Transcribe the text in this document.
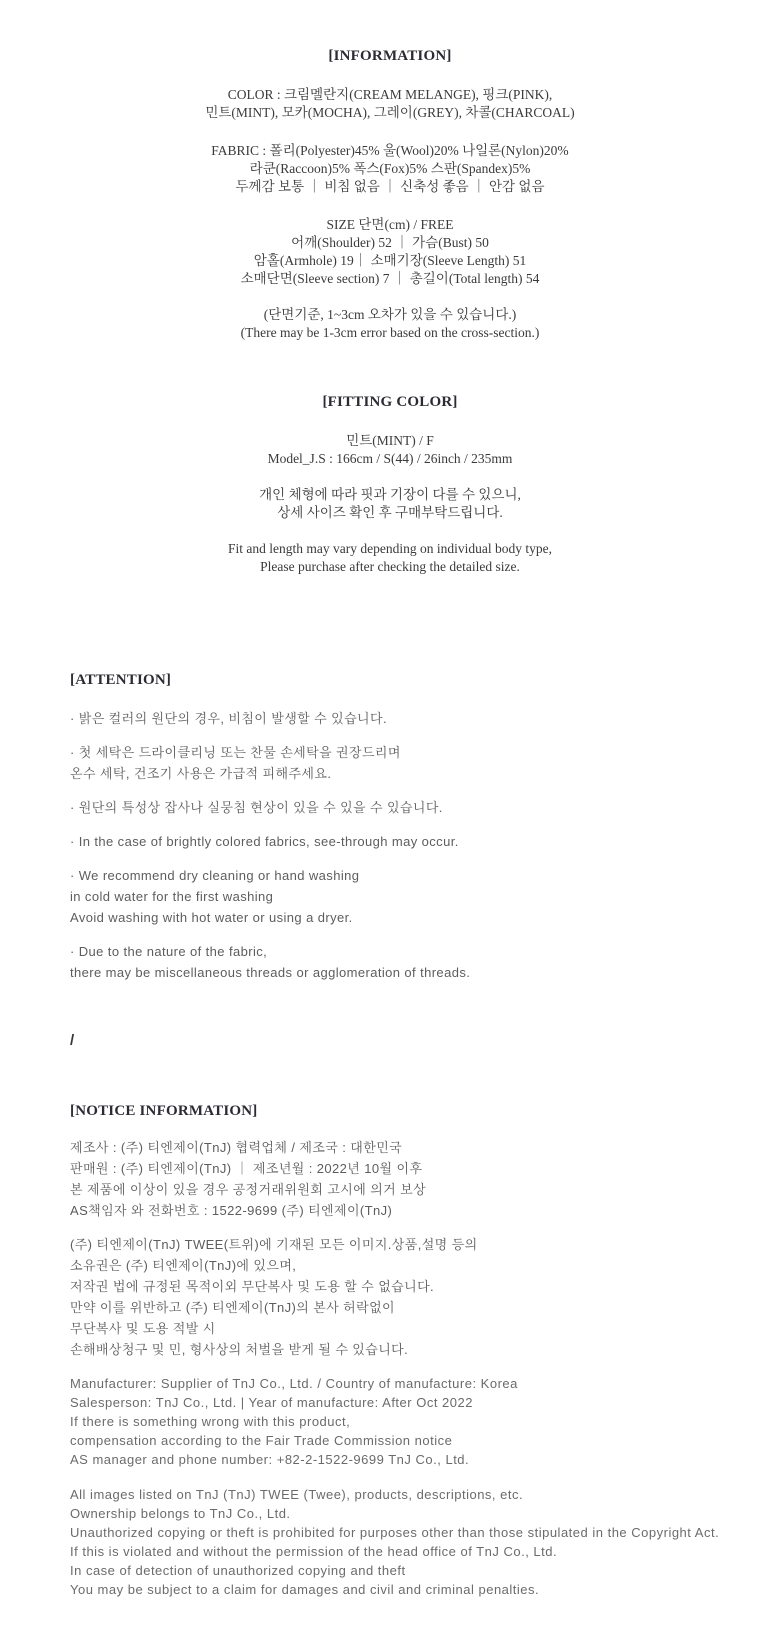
[INFORMATION]
COLOR : 크림멜란지(CREAM MELANGE), 핑크(PINK),
민트(MINT), 모카(MOCHA), 그레이(GREY), 차콜(CHARCOAL)
FABRIC : 폴리(Polyester)45% 울(Wool)20% 나일론(Nylon)20%
라쿤(Raccoon)5% 폭스(Fox)5% 스판(Spandex)5%
두께감 보통 ｜ 비침 없음 ｜ 신축성 좋음 ｜ 안감 없음
SIZE 단면(cm) / FREE
어깨(Shoulder) 52 ｜ 가슴(Bust) 50
암홀(Armhole) 19｜ 소매기장(Sleeve Length) 51
소매단면(Sleeve section) 7 ｜ 총길이(Total length) 54
(단면기준, 1~3cm 오차가 있을 수 있습니다.)
(There may be 1-3cm error based on the cross-section.)
[FITTING COLOR]
민트(MINT) / F
Model_J.S : 166cm / S(44) / 26inch / 235mm
개인 체형에 따라 핏과 기장이 다를 수 있으니,
상세 사이즈 확인 후 구매부탁드립니다.
Fit and length may vary depending on individual body type,
Please purchase after checking the detailed size.
[ATTENTION]
· 밝은 컬러의 원단의 경우, 비침이 발생할 수 있습니다.
· 첫 세탁은 드라이클리닝 또는 찬물 손세탁을 권장드리며
온수 세탁, 건조기 사용은 가급적 피해주세요.
· 원단의 특성상 잡사나 실뭉침 현상이 있을 수 있을 수 있습니다.
· In the case of brightly colored fabrics, see-through may occur.
· We recommend dry cleaning or hand washing
in cold water for the first washing
Avoid washing with hot water or using a dryer.
· Due to the nature of the fabric,
there may be miscellaneous threads or agglomeration of threads.
/
[NOTICE INFORMATION]
제조사 : (주) 티엔제이(TnJ) 협력업체 / 제조국 : 대한민국
판매원 : (주) 티엔제이(TnJ) ｜ 제조년월 : 2022년 10월 이후
본 제품에 이상이 있을 경우 공정거래위원회 고시에 의거 보상
AS책임자 와 전화번호 : 1522-9699 (주) 티엔제이(TnJ)
(주) 티엔제이(TnJ) TWEE(트위)에 기재된 모든 이미지.상품,설명 등의
소유권은 (주) 티엔제이(TnJ)에 있으며,
저작권 법에 규정된 목적이외 무단복사 및 도용 할 수 없습니다.
만약 이를 위반하고 (주) 티엔제이(TnJ)의 본사 허락없이
무단복사 및 도용 적발 시
손해배상청구 및 민, 형사상의 처벌을 받게 될 수 있습니다.
Manufacturer: Supplier of TnJ Co., Ltd. / Country of manufacture: Korea
Salesperson: TnJ Co., Ltd. | Year of manufacture: After Oct 2022
If there is something wrong with this product,
compensation according to the Fair Trade Commission notice
AS manager and phone number: +82-2-1522-9699 TnJ Co., Ltd.
All images listed on TnJ (TnJ) TWEE (Twee), products, descriptions, etc.
Ownership belongs to TnJ Co., Ltd.
Unauthorized copying or theft is prohibited for purposes other than those stipulated in the Copyright Act.
If this is violated and without the permission of the head office of TnJ Co., Ltd.
In case of detection of unauthorized copying and theft
You may be subject to a claim for damages and civil and criminal penalties.
